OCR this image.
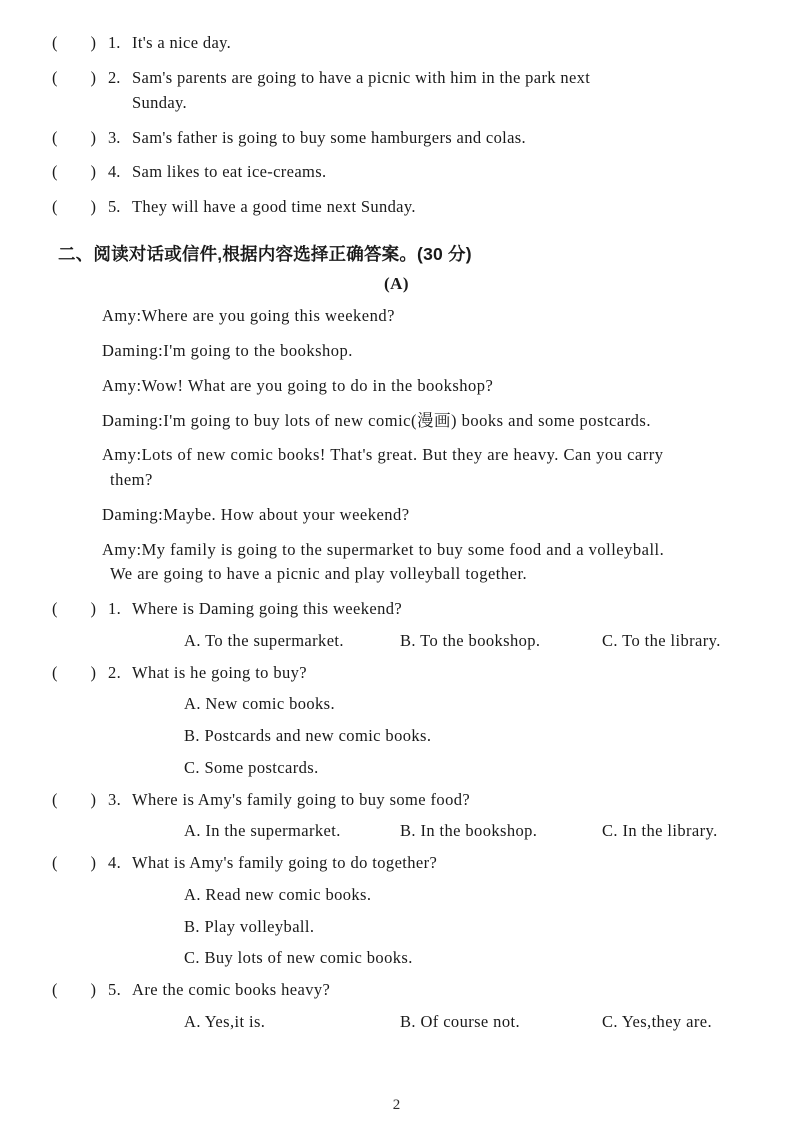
(        ) 1. It's a nice day.
(        ) 2. Sam's parents are going to have a picnic with him in the park next
Sunday.
(        ) 3. Sam's father is going to buy some hamburgers and colas.
(        ) 4. Sam likes to eat ice-creams.
(        ) 5. They will have a good time next Sunday.
二、阅读对话或信件,根据内容选择正确答案。(30 分)
(A)
Amy:Where are you going this weekend?
Daming:I'm going to the bookshop.
Amy:Wow! What are you going to do in the bookshop?
Daming:I'm going to buy lots of new comic(漫画) books and some postcards.
Amy:Lots of new comic books! That's great. But they are heavy. Can you carry
them?
Daming:Maybe. How about your weekend?
Amy:My family is going to the supermarket to buy some food and a volleyball.
We are going to have a picnic and play volleyball together.
(        ) 1. Where is Daming going this weekend?
A. To the supermarket.	B. To the bookshop.	C. To the library.
(        ) 2. What is he going to buy?
A. New comic books.
B. Postcards and new comic books.
C. Some postcards.
(        ) 3. Where is Amy's family going to buy some food?
A. In the supermarket.	B. In the bookshop.	C. In the library.
(        ) 4. What is Amy's family going to do together?
A. Read new comic books.
B. Play volleyball.
C. Buy lots of new comic books.
(        ) 5. Are the comic books heavy?
A. Yes,it is.	B. Of course not.	C. Yes,they are.
2
